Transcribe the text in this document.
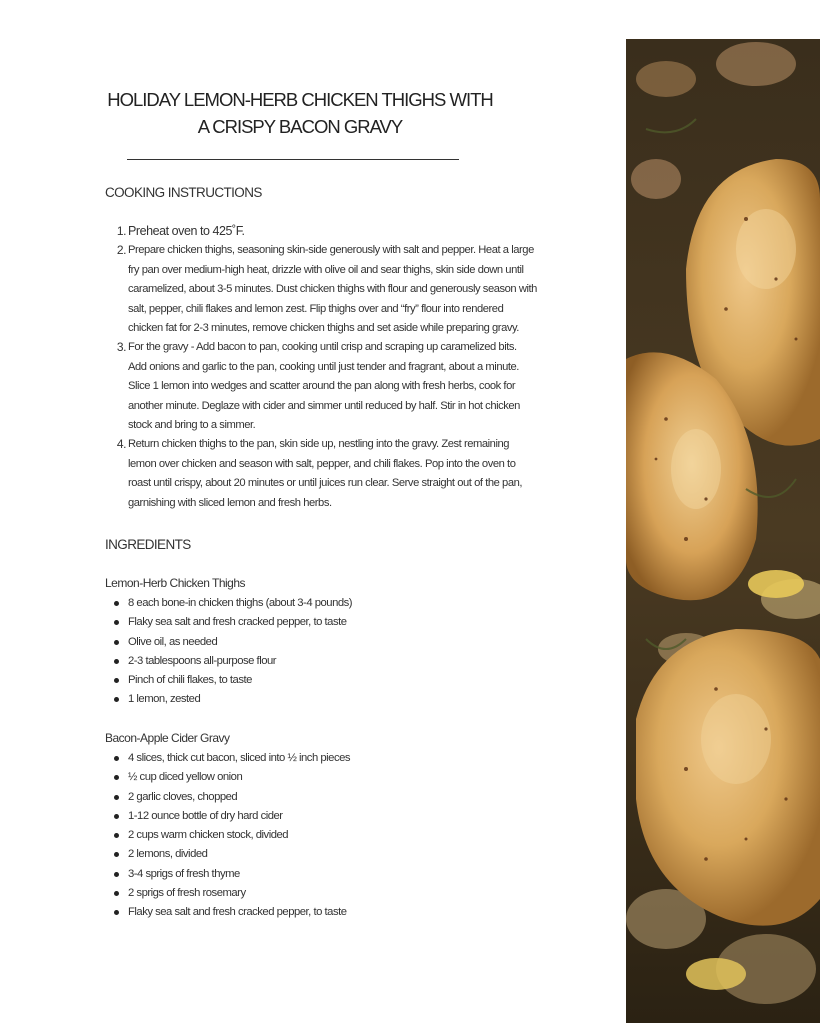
HOLIDAY LEMON-HERB CHICKEN THIGHS WITH
A CRISPY BACON GRAVY
COOKING INSTRUCTIONS
1. Preheat oven to 425˚F.
2. Prepare chicken thighs, seasoning skin-side generously with salt and pepper. Heat a large fry pan over medium-high heat, drizzle with olive oil and sear thighs, skin side down until caramelized, about 3-5 minutes. Dust chicken thighs with flour and generously season with salt, pepper, chili flakes and lemon zest. Flip thighs over and “fry” flour into rendered chicken fat for 2-3 minutes, remove chicken thighs and set aside while preparing gravy.
3. For the gravy - Add bacon to pan, cooking until crisp and scraping up caramelized bits. Add onions and garlic to the pan, cooking until just tender and fragrant, about a minute. Slice 1 lemon into wedges and scatter around the pan along with fresh herbs, cook for another minute. Deglaze with cider and simmer until reduced by half. Stir in hot chicken stock and bring to a simmer.
4. Return chicken thighs to the pan, skin side up, nestling into the gravy. Zest remaining lemon over chicken and season with salt, pepper, and chili flakes. Pop into the oven to roast until crispy, about 20 minutes or until juices run clear. Serve straight out of the pan, garnishing with sliced lemon and fresh herbs.
INGREDIENTS
Lemon-Herb Chicken Thighs
8 each bone-in chicken thighs (about 3-4 pounds)
Flaky sea salt and fresh cracked pepper, to taste
Olive oil, as needed
2-3 tablespoons all-purpose flour
Pinch of chili flakes, to taste
1 lemon, zested
Bacon-Apple Cider Gravy
4 slices, thick cut bacon, sliced into ½ inch pieces
½ cup diced yellow onion
2 garlic cloves, chopped
1-12 ounce bottle of dry hard cider
2 cups warm chicken stock, divided
2 lemons, divided
3-4 sprigs of fresh thyme
2 sprigs of fresh rosemary
Flaky sea salt and fresh cracked pepper, to taste
